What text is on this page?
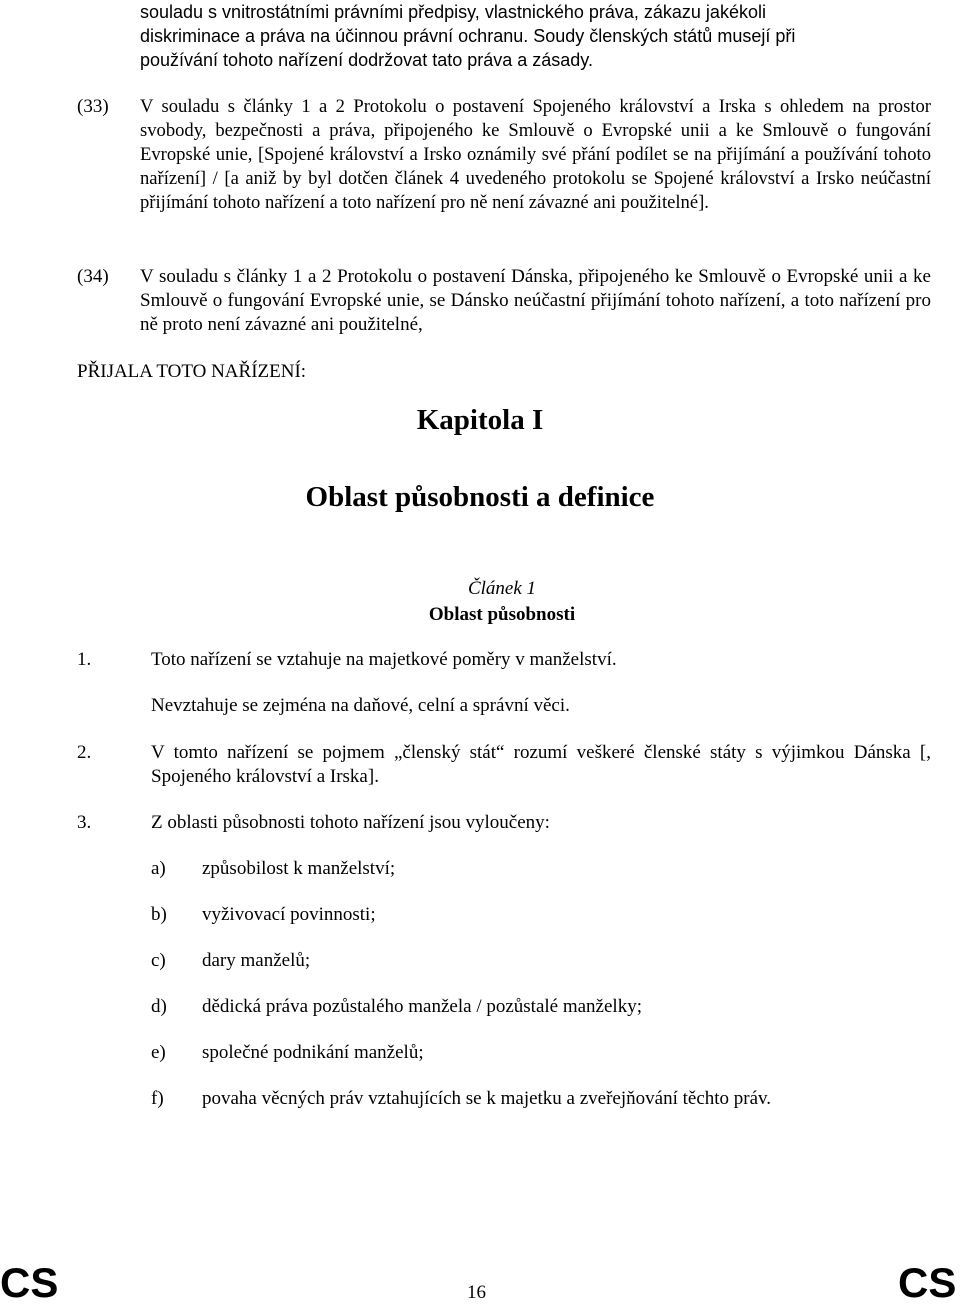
souladu s vnitrostátními právními předpisy, vlastnického práva, zákazu jakékoli
diskriminace a práva na účinnou právní ochranu. Soudy členských států musejí při
používání tohoto nařízení dodržovat tato práva a zásady.
(33) V souladu s články 1 a 2 Protokolu o postavení Spojeného království a Irska s ohledem na prostor svobody, bezpečnosti a práva, připojeného ke Smlouvě o Evropské unii a ke Smlouvě o fungování Evropské unie, [Spojené království a Irsko oznámily své přání podílet se na přijímání a používání tohoto nařízení] / [a aniž by byl dotčen článek 4 uvedeného protokolu se Spojené království a Irsko neúčastní přijímání tohoto nařízení a toto nařízení pro ně není závazné ani použitelné].
(34) V souladu s články 1 a 2 Protokolu o postavení Dánska, připojeného ke Smlouvě o Evropské unii a ke Smlouvě o fungování Evropské unie, se Dánsko neúčastní přijímání tohoto nařízení, a toto nařízení pro ně proto není závazné ani použitelné,
PŘIJALA TOTO NAŘÍZENÍ:
Kapitola I
Oblast působnosti a definice
Článek 1
Oblast působnosti
1.	Toto nařízení se vztahuje na majetkové poměry v manželství.
Nevztahuje se zejména na daňové, celní a správní věci.
2.	V tomto nařízení se pojmem „členský stát“ rozumí veškeré členské státy s výjimkou Dánska [, Spojeného království a Irska].
3.	Z oblasti působnosti tohoto nařízení jsou vyloučeny:
a) způsobilost k manželství;
b) vyživovací povinnosti;
c) dary manželů;
d) dědická práva pozůstalého manžela / pozůstalé manželky;
e) společné podnikání manželů;
f) povaha věcných práv vztahujících se k majetku a zveřejňování těchto práv.
CS	16	CS
